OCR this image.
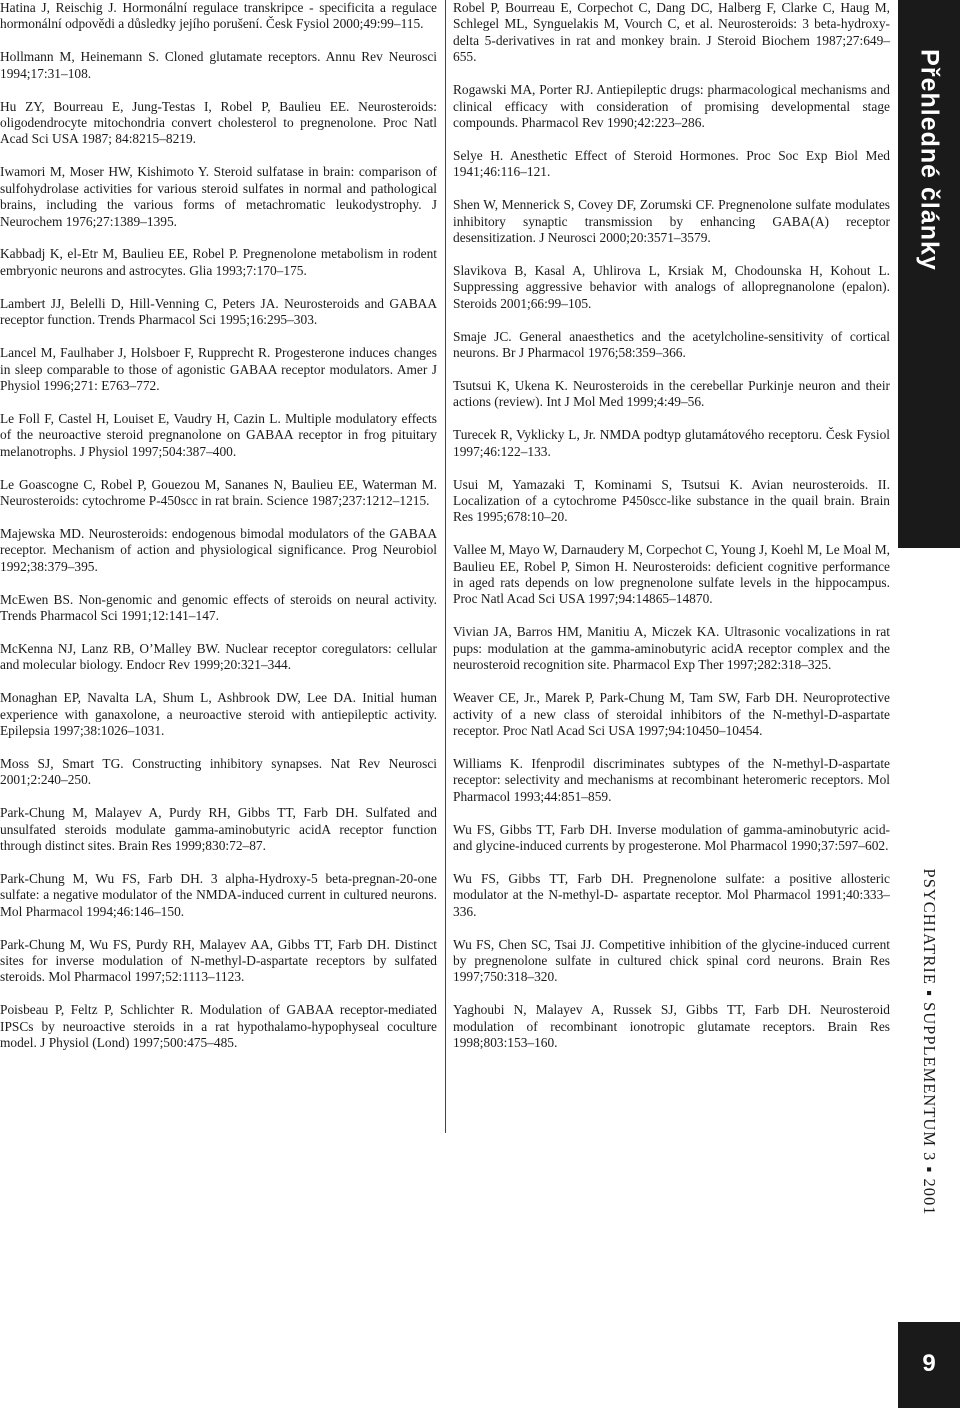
Hatina J, Reischig J. Hormonální regulace transkripce - specificita a regulace hormonální odpovědi a důsledky jejího porušení. Česk Fysiol 2000;49:99–115.

Hollmann M, Heinemann S. Cloned glutamate receptors. Annu Rev Neurosci 1994;17:31–108.

Hu ZY, Bourreau E, Jung-Testas I, Robel P, Baulieu EE. Neurosteroids: oligodendrocyte mitochondria convert cholesterol to pregnenolone. Proc Natl Acad Sci USA 1987; 84:8215–8219.

Iwamori M, Moser HW, Kishimoto Y. Steroid sulfatase in brain: comparison of sulfohydrolase activities for various steroid sulfates in normal and pathological brains, including the various forms of metachromatic leukodystrophy. J Neurochem 1976;27:1389–1395.

Kabbadj K, el-Etr M, Baulieu EE, Robel P. Pregnenolone metabolism in rodent embryonic neurons and astrocytes. Glia 1993;7:170–175.

Lambert JJ, Belelli D, Hill-Venning C, Peters JA. Neurosteroids and GABAA receptor function. Trends Pharmacol Sci 1995;16:295–303.

Lancel M, Faulhaber J, Holsboer F, Rupprecht R. Progesterone induces changes in sleep comparable to those of agonistic GABAA receptor modulators. Amer J Physiol 1996;271: E763–772.

Le Foll F, Castel H, Louiset E, Vaudry H, Cazin L. Multiple modulatory effects of the neuroactive steroid pregnanolone on GABAA receptor in frog pituitary melanotrophs. J Physiol 1997;504:387–400.

Le Goascogne C, Robel P, Gouezou M, Sananes N, Baulieu EE, Waterman M. Neurosteroids: cytochrome P-450scc in rat brain. Science 1987;237:1212–1215.

Majewska MD. Neurosteroids: endogenous bimodal modulators of the GABAA receptor. Mechanism of action and physiological significance. Prog Neurobiol 1992;38:379–395.

McEwen BS. Non-genomic and genomic effects of steroids on neural activity. Trends Pharmacol Sci 1991;12:141–147.

McKenna NJ, Lanz RB, O’Malley BW. Nuclear receptor coregulators: cellular and molecular biology. Endocr Rev 1999;20:321–344.

Monaghan EP, Navalta LA, Shum L, Ashbrook DW, Lee DA. Initial human experience with ganaxolone, a neuroactive steroid with antiepileptic activity. Epilepsia 1997;38:1026–1031.

Moss SJ, Smart TG. Constructing inhibitory synapses. Nat Rev Neurosci 2001;2:240–250.

Park-Chung M, Malayev A, Purdy RH, Gibbs TT, Farb DH. Sulfated and unsulfated steroids modulate gamma-aminobutyric acidA receptor function through distinct sites. Brain Res 1999;830:72–87.

Park-Chung M, Wu FS, Farb DH. 3 alpha-Hydroxy-5 beta-pregnan-20-one sulfate: a negative modulator of the NMDA-induced current in cultured neurons. Mol Pharmacol 1994;46:146–150.

Park-Chung M, Wu FS, Purdy RH, Malayev AA, Gibbs TT, Farb DH. Distinct sites for inverse modulation of N-methyl-D-aspartate receptors by sulfated steroids. Mol Pharmacol 1997;52:1113–1123.

Poisbeau P, Feltz P, Schlichter R. Modulation of GABAA receptor-mediated IPSCs by neuroactive steroids in a rat hypothalamo-hypophyseal coculture model. J Physiol (Lond) 1997;500:475–485.

Robel P, Bourreau E, Corpechot C, Dang DC, Halberg F, Clarke C, Haug M, Schlegel ML, Synguelakis M, Vourch C, et al. Neurosteroids: 3 beta-hydroxy-delta 5-derivatives in rat and monkey brain. J Steroid Biochem 1987;27:649–655.

Rogawski MA, Porter RJ. Antiepileptic drugs: pharmacological mechanisms and clinical efficacy with consideration of promising developmental stage compounds. Pharmacol Rev 1990;42:223–286.

Selye H. Anesthetic Effect of Steroid Hormones. Proc Soc Exp Biol Med 1941;46:116–121.

Shen W, Mennerick S, Covey DF, Zorumski CF. Pregnenolone sulfate modulates inhibitory synaptic transmission by enhancing GABA(A) receptor desensitization. J Neurosci 2000;20:3571–3579.

Slavikova B, Kasal A, Uhlirova L, Krsiak M, Chodounska H, Kohout L. Suppressing aggressive behavior with analogs of allopregnanolone (epalon). Steroids 2001;66:99–105.

Smaje JC. General anaesthetics and the acetylcholine-sensitivity of cortical neurons. Br J Pharmacol 1976;58:359–366.

Tsutsui K, Ukena K. Neurosteroids in the cerebellar Purkinje neuron and their actions (review). Int J Mol Med 1999;4:49–56.

Turecek R, Vyklicky L, Jr. NMDA podtyp glutamátového receptoru. Česk Fysiol 1997;46:122–133.

Usui M, Yamazaki T, Kominami S, Tsutsui K. Avian neurosteroids. II. Localization of a cytochrome P450scc-like substance in the quail brain. Brain Res 1995;678:10–20.

Vallee M, Mayo W, Darnaudery M, Corpechot C, Young J, Koehl M, Le Moal M, Baulieu EE, Robel P, Simon H. Neurosteroids: deficient cognitive performance in aged rats depends on low pregnenolone sulfate levels in the hippocampus. Proc Natl Acad Sci USA 1997;94:14865–14870.

Vivian JA, Barros HM, Manitiu A, Miczek KA. Ultrasonic vocalizations in rat pups: modulation at the gamma-aminobutyric acidA receptor complex and the neurosteroid recognition site. Pharmacol Exp Ther 1997;282:318–325.

Weaver CE, Jr., Marek P, Park-Chung M, Tam SW, Farb DH. Neuroprotective activity of a new class of steroidal inhibitors of the N-methyl-D-aspartate receptor. Proc Natl Acad Sci USA 1997;94:10450–10454.

Williams K. Ifenprodil discriminates subtypes of the N-methyl-D-aspartate receptor: selectivity and mechanisms at recombinant heteromeric receptors. Mol Pharmacol 1993;44:851–859.

Wu FS, Gibbs TT, Farb DH. Inverse modulation of gamma-aminobutyric acid- and glycine-induced currents by progesterone. Mol Pharmacol 1990;37:597–602.

Wu FS, Gibbs TT, Farb DH. Pregnenolone sulfate: a positive allosteric modulator at the N-methyl-D- aspartate receptor. Mol Pharmacol 1991;40:333–336.

Wu FS, Chen SC, Tsai JJ. Competitive inhibition of the glycine-induced current by pregnenolone sulfate in cultured chick spinal cord neurons. Brain Res 1997;750:318–320.

Yaghoubi N, Malayev A, Russek SJ, Gibbs TT, Farb DH. Neurosteroid modulation of recombinant ionotropic glutamate receptors. Brain Res 1998;803:153–160.

Přehledné články
PSYCHIATRIE ▪ SUPPLEMENTUM 3 ▪ 2001
9
